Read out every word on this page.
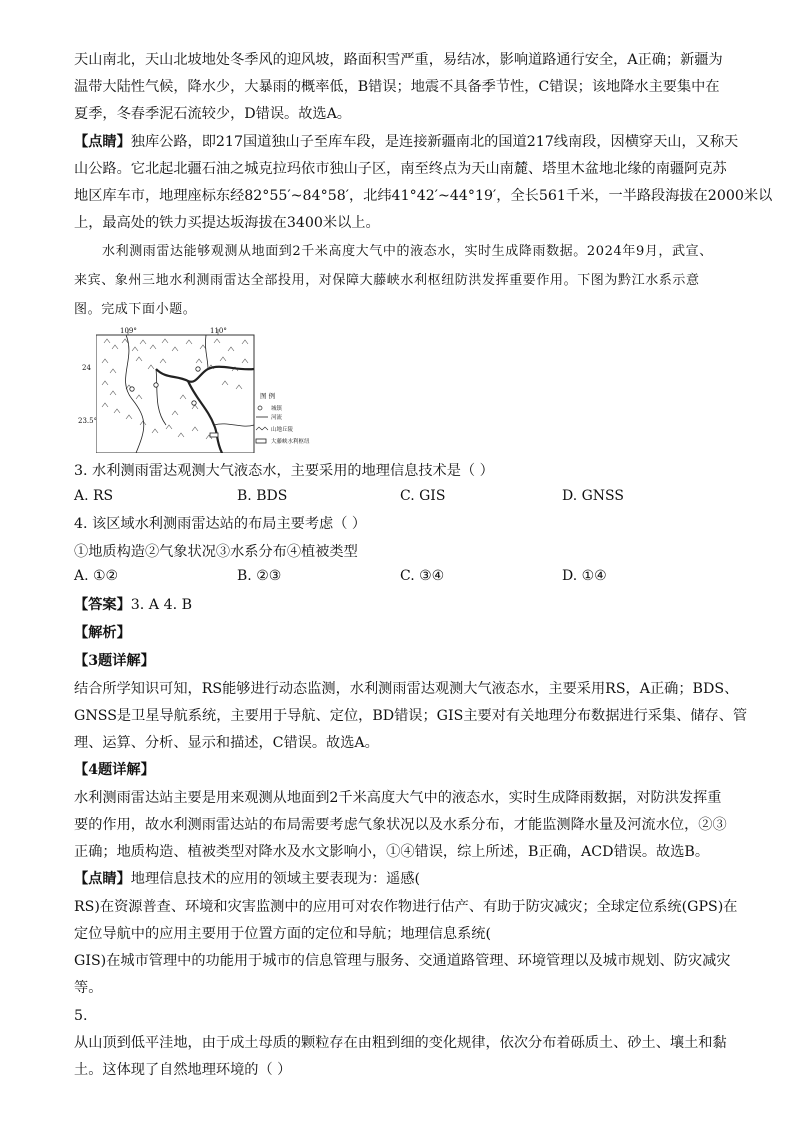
天山南北，天山北坡地处冬季风的迎风坡，路面积雪严重，易结冰，影响道路通行安全，A正确；新疆为

温带大陆性气候，降水少，大暴雨的概率低，B错误；地震不具备季节性，C错误；该地降水主要集中在

夏季，冬春季泥石流较少，D错误。故选A。

【点睛】独库公路，即217国道独山子至库车段，是连接新疆南北的国道217线南段，因横穿天山，又称天

山公路。它北起北疆石油之城克拉玛依市独山子区，南至终点为天山南麓、塔里木盆地北缘的南疆阿克苏

地区库车市，地理座标东经82°55′~84°58′，北纬41°42′~44°19′，全长561千米，一半路段海拔在2000米以

上，最高处的铁力买提达坂海拔在3400米以上。

水利测雨雷达能够观测从地面到2千米高度大气中的液态水，实时生成降雨数据。2024年9月，武宣、

来宾、象州三地水利测雨雷达全部投用，对保障大藤峡水利枢纽防洪发挥重要作用。下图为黔江水系示意

图。完成下面小题。

109°	110°
24
23.5°
图 例
城镇
河流
山地丘陵
大藤峡水利枢纽

3. 水利测雨雷达观测大气液态水，主要采用的地理信息技术是（ ）

A. RS	B. BDS	C. GIS	D. GNSS

4. 该区域水利测雨雷达站的布局主要考虑（ ）

①地质构造②气象状况③水系分布④植被类型

A. ①②	B. ②③	C. ③④	D. ①④

【答案】3. A 4. B

【解析】

【3题详解】

结合所学知识可知，RS能够进行动态监测，水利测雨雷达观测大气液态水，主要采用RS，A正确；BDS、

GNSS是卫星导航系统，主要用于导航、定位，BD错误；GIS主要对有关地理分布数据进行采集、储存、管

理、运算、分析、显示和描述，C错误。故选A。

【4题详解】

水利测雨雷达站主要是用来观测从地面到2千米高度大气中的液态水，实时生成降雨数据，对防洪发挥重

要的作用，故水利测雨雷达站的布局需要考虑气象状况以及水系分布，才能监测降水量及河流水位，②③

正确；地质构造、植被类型对降水及水文影响小，①④错误，综上所述，B正确，ACD错误。故选B。

【点睛】地理信息技术的应用的领域主要表现为：遥感(

RS)在资源普查、环境和灾害监测中的应用可对农作物进行估产、有助于防灾减灾；全球定位系统(GPS)在

定位导航中的应用主要用于位置方面的定位和导航；地理信息系统(

GIS)在城市管理中的功能用于城市的信息管理与服务、交通道路管理、环境管理以及城市规划、防灾减灾

等。

5.

从山顶到低平洼地，由于成土母质的颗粒存在由粗到细的变化规律，依次分布着砾质土、砂土、壤土和黏

土。这体现了自然地理环境的（ ）
